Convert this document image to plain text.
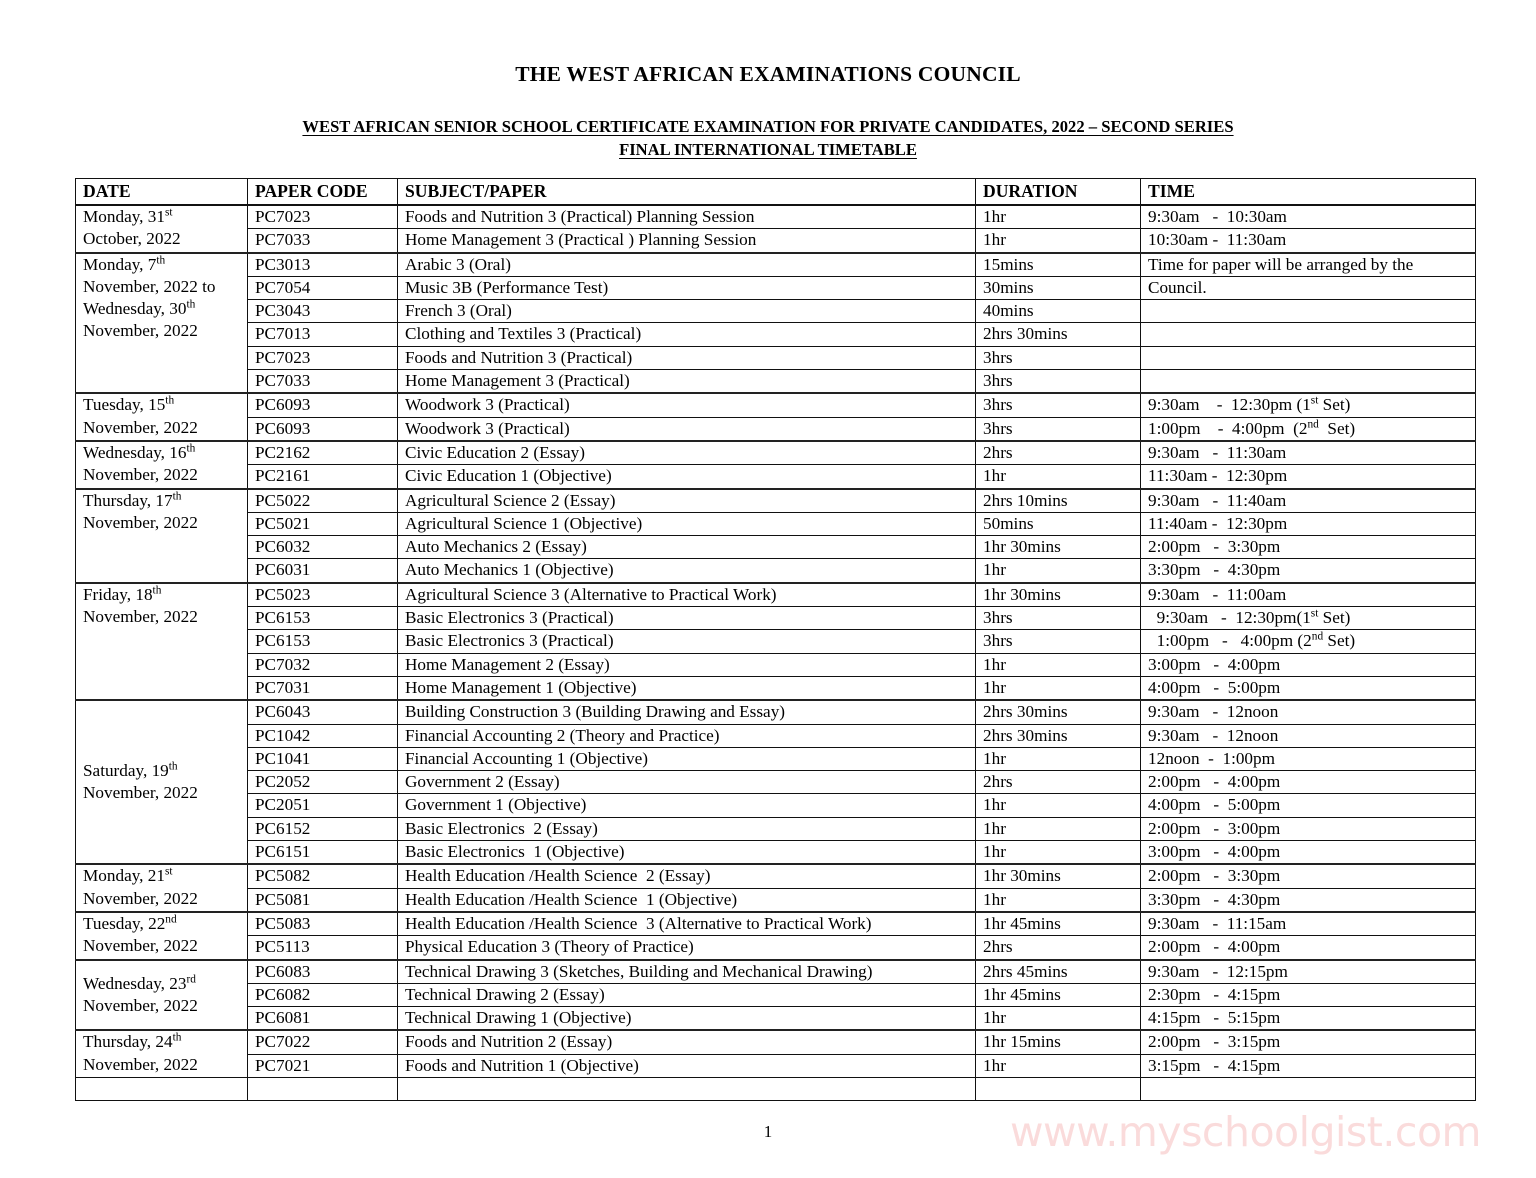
THE WEST AFRICAN EXAMINATIONS COUNCIL
WEST AFRICAN SENIOR SCHOOL CERTIFICATE EXAMINATION FOR PRIVATE CANDIDATES, 2022 – SECOND SERIES
FINAL INTERNATIONAL TIMETABLE
DATE	PAPER CODE	SUBJECT/PAPER	DURATION	TIME
Monday, 31st
October, 2022	PC7023	Foods and Nutrition 3 (Practical) Planning Session	1hr	9:30am   -  10:30am
	PC7033	Home Management 3 (Practical ) Planning Session	1hr	10:30am -  11:30am
Monday, 7th
November, 2022 to
Wednesday, 30th
November, 2022	PC3013	Arabic 3 (Oral)	15mins	Time for paper will be arranged by the
	PC7054	Music 3B (Performance Test)	30mins	Council.
	PC3043	French 3 (Oral)	40mins	
	PC7013	Clothing and Textiles 3 (Practical)	2hrs 30mins	
	PC7023	Foods and Nutrition 3 (Practical)	3hrs	
	PC7033	Home Management 3 (Practical)	3hrs	
Tuesday, 15th
November, 2022	PC6093	Woodwork 3 (Practical)	3hrs	9:30am    -  12:30pm (1st Set)
	PC6093	Woodwork 3 (Practical)	3hrs	1:00pm    -  4:00pm  (2nd  Set)
Wednesday, 16th
November, 2022	PC2162	Civic Education 2 (Essay)	2hrs	9:30am   -  11:30am
	PC2161	Civic Education 1 (Objective)	1hr	11:30am -  12:30pm
Thursday, 17th
November, 2022	PC5022	Agricultural Science 2 (Essay)	2hrs 10mins	9:30am   -  11:40am
	PC5021	Agricultural Science 1 (Objective)	50mins	11:40am -  12:30pm
	PC6032	Auto Mechanics 2 (Essay)	1hr 30mins	2:00pm   -  3:30pm
	PC6031	Auto Mechanics 1 (Objective)	1hr	3:30pm   -  4:30pm
Friday, 18th
November, 2022	PC5023	Agricultural Science 3 (Alternative to Practical Work)	1hr 30mins	9:30am   -  11:00am
	PC6153	Basic Electronics 3 (Practical)	3hrs	9:30am   -  12:30pm(1st Set)
	PC6153	Basic Electronics 3 (Practical)	3hrs	1:00pm   -   4:00pm (2nd Set)
	PC7032	Home Management 2 (Essay)	1hr	3:00pm   -  4:00pm
	PC7031	Home Management 1 (Objective)	1hr	4:00pm   -  5:00pm
Saturday, 19th
November, 2022	PC6043	Building Construction 3 (Building Drawing and Essay)	2hrs 30mins	9:30am   -  12noon
	PC1042	Financial Accounting 2 (Theory and Practice)	2hrs 30mins	9:30am   -  12noon
	PC1041	Financial Accounting 1 (Objective)	1hr	12noon  -  1:00pm
	PC2052	Government 2 (Essay)	2hrs	2:00pm   -  4:00pm
	PC2051	Government 1 (Objective)	1hr	4:00pm   -  5:00pm
	PC6152	Basic Electronics  2 (Essay)	1hr	2:00pm   -  3:00pm
	PC6151	Basic Electronics  1 (Objective)	1hr	3:00pm   -  4:00pm
Monday, 21st
November, 2022	PC5082	Health Education /Health Science  2 (Essay)	1hr 30mins	2:00pm   -  3:30pm
	PC5081	Health Education /Health Science  1 (Objective)	1hr	3:30pm   -  4:30pm
Tuesday, 22nd
November, 2022	PC5083	Health Education /Health Science  3 (Alternative to Practical Work)	1hr 45mins	9:30am   -  11:15am
	PC5113	Physical Education 3 (Theory of Practice)	2hrs	2:00pm   -  4:00pm
Wednesday, 23rd
November, 2022	PC6083	Technical Drawing 3 (Sketches, Building and Mechanical Drawing)	2hrs 45mins	9:30am   -  12:15pm
	PC6082	Technical Drawing 2 (Essay)	1hr 45mins	2:30pm   -  4:15pm
	PC6081	Technical Drawing 1 (Objective)	1hr	4:15pm   -  5:15pm
Thursday, 24th
November, 2022	PC7022	Foods and Nutrition 2 (Essay)	1hr 15mins	2:00pm   -  3:15pm
	PC7021	Foods and Nutrition 1 (Objective)	1hr	3:15pm   -  4:15pm

1	www.myschoolgist.com
